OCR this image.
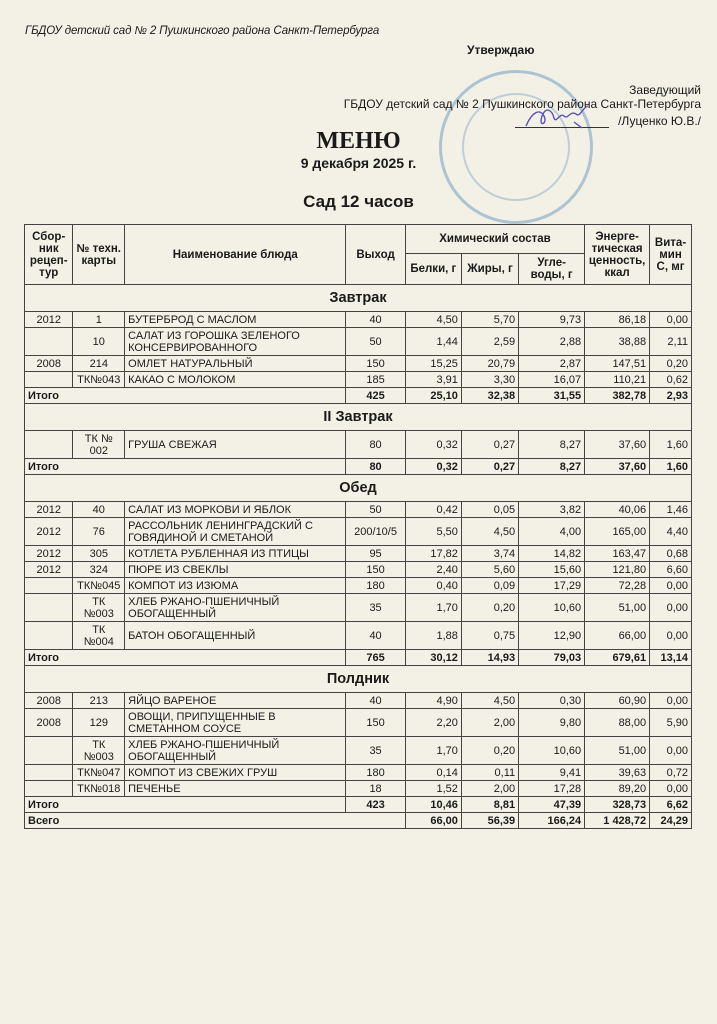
ГБДОУ детский сад № 2 Пушкинского района Санкт-Петербурга
Утверждаю
Заведующий
ГБДОУ детский сад № 2 Пушкинского района Санкт-Петербурга
/Луценко Ю.В./
МЕНЮ
9 декабря 2025 г.
Сад 12 часов
Сбор-ник рецеп-тур	№ техн. карты	Наименование блюда	Выход	Химический состав			Энерге-тическая ценность, ккал	Вита-мин С, мг
				Белки, г	Жиры, г	Угле-воды, г		
Завтрак								
2012	1	БУТЕРБРОД С МАСЛОМ	40	4,50	5,70	9,73	86,18	0,00
	10	САЛАТ ИЗ ГОРОШКА ЗЕЛЕНОГО КОНСЕРВИРОВАННОГО	50	1,44	2,59	2,88	38,88	2,11
2008	214	ОМЛЕТ НАТУРАЛЬНЫЙ	150	15,25	20,79	2,87	147,51	0,20
	ТК№043	КАКАО С МОЛОКОМ	185	3,91	3,30	16,07	110,21	0,62
Итого			425	25,10	32,38	31,55	382,78	2,93
II Завтрак								
	ТК № 002	ГРУША СВЕЖАЯ	80	0,32	0,27	8,27	37,60	1,60
Итого			80	0,32	0,27	8,27	37,60	1,60
Обед								
2012	40	САЛАТ ИЗ МОРКОВИ И ЯБЛОК	50	0,42	0,05	3,82	40,06	1,46
2012	76	РАССОЛЬНИК ЛЕНИНГРАДСКИЙ С ГОВЯДИНОЙ И СМЕТАНОЙ	200/10/5	5,50	4,50	4,00	165,00	4,40
2012	305	КОТЛЕТА РУБЛЕННАЯ ИЗ ПТИЦЫ	95	17,82	3,74	14,82	163,47	0,68
2012	324	ПЮРЕ ИЗ СВЕКЛЫ	150	2,40	5,60	15,60	121,80	6,60
	ТК№045	КОМПОТ ИЗ ИЗЮМА	180	0,40	0,09	17,29	72,28	0,00
	ТК №003	ХЛЕБ РЖАНО-ПШЕНИЧНЫЙ ОБОГАЩЕННЫЙ	35	1,70	0,20	10,60	51,00	0,00
	ТК №004	БАТОН ОБОГАЩЕННЫЙ	40	1,88	0,75	12,90	66,00	0,00
Итого			765	30,12	14,93	79,03	679,61	13,14
Полдник								
2008	213	ЯЙЦО ВАРЕНОЕ	40	4,90	4,50	0,30	60,90	0,00
2008	129	ОВОЩИ, ПРИПУЩЕННЫЕ В СМЕТАННОМ СОУСЕ	150	2,20	2,00	9,80	88,00	5,90
	ТК №003	ХЛЕБ РЖАНО-ПШЕНИЧНЫЙ ОБОГАЩЕННЫЙ	35	1,70	0,20	10,60	51,00	0,00
	ТК№047	КОМПОТ ИЗ СВЕЖИХ ГРУШ	180	0,14	0,11	9,41	39,63	0,72
	ТК№018	ПЕЧЕНЬЕ	18	1,52	2,00	17,28	89,20	0,00
Итого			423	10,46	8,81	47,39	328,73	6,62
Всего				66,00	56,39	166,24	1 428,72	24,29
